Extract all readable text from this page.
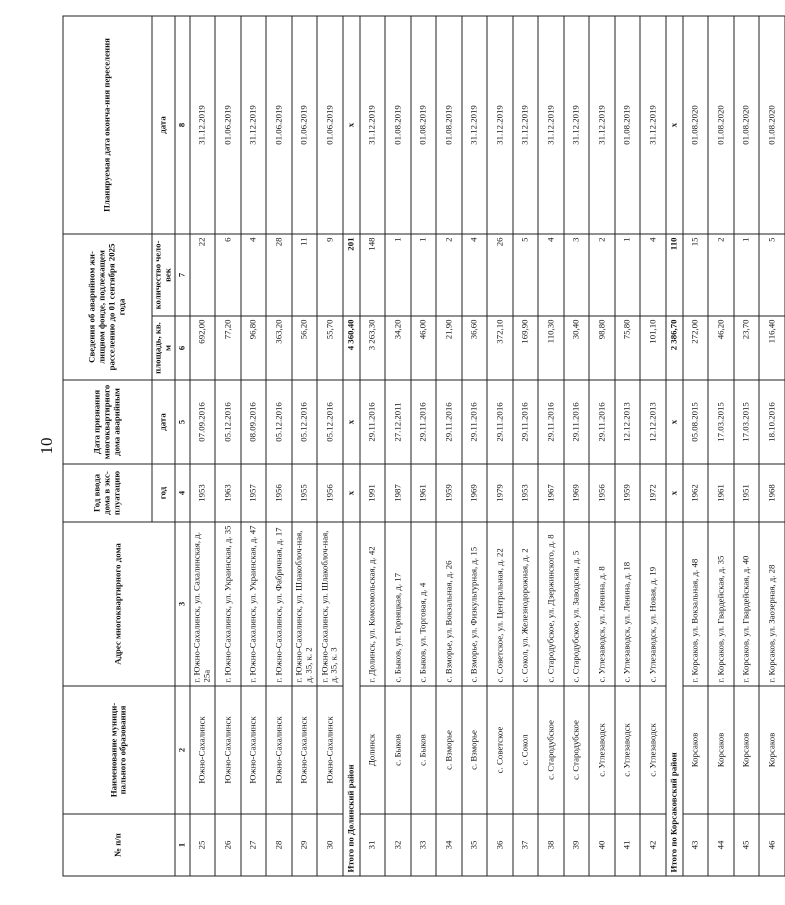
10
№ п/п	Наименование муници-пального образования	Адрес многоквартирного дома	Год ввода дома в экс-плуатацию	Дата признания многоквартирного дома аварийным	Сведения об аварийном жи-лищном фонде, подлежащем расселению до 01 сентября 2025 года		Планируемая дата оконча-ния переселения
			год	дата	площадь, кв. м	количество чело-век	дата
1	2	3	4	5	6	7	8
25	Южно-Сахалинск	г. Южно-Сахалинск, ул. Сахалинская, д. 25а	1953	07.09.2016	692,00	22	31.12.2019
26	Южно-Сахалинск	г. Южно-Сахалинск, ул. Украинская, д. 35	1963	05.12.2016	77,20	6	01.06.2019
27	Южно-Сахалинск	г. Южно-Сахалинск, ул. Украинская, д. 47	1957	08.09.2016	96,80	4	31.12.2019
28	Южно-Сахалинск	г. Южно-Сахалинск, ул. Фабричная, д. 17	1956	05.12.2016	363,20	28	01.06.2019
29	Южно-Сахалинск	г. Южно-Сахалинск, ул. Шлакоблоч-ная, д. 35, к. 2	1955	05.12.2016	56,20	11	01.06.2019
30	Южно-Сахалинск	г. Южно-Сахалинск, ул. Шлакоблоч-ная, д. 35, к. 3	1956	05.12.2016	55,70	9	01.06.2019
Итого по Долинский район			х	х	4 360,40	201	х
31	Долинск	г. Долинск, ул. Комсомольская, д. 42	1991	29.11.2016	3 263,30	148	31.12.2019
32	с. Быков	с. Быков, ул. Горняцкая, д. 17	1987	27.12.2011	34,20	1	01.08.2019
33	с. Быков	с. Быков, ул. Торговая, д. 4	1961	29.11.2016	46,00	1	01.08.2019
34	с. Взморье	с. Взморье, ул. Вокзальная, д. 26	1959	29.11.2016	21,90	2	01.08.2019
35	с. Взморье	с. Взморье, ул. Физкультурная, д. 15	1969	29.11.2016	36,60	4	31.12.2019
36	с. Советское	с. Советское, ул. Центральная, д. 22	1979	29.11.2016	372,10	26	31.12.2019
37	с. Сокол	с. Сокол, ул. Железнодорожная, д. 2	1953	29.11.2016	169,90	5	31.12.2019
38	с. Стародубское	с. Стародубское, ул. Дзержинского, д. 8	1967	29.11.2016	110,30	4	31.12.2019
39	с. Стародубское	с. Стародубское, ул. Заводская, д. 5	1969	29.11.2016	30,40	3	31.12.2019
40	с. Углезаводск	с. Углезаводск, ул. Ленина, д. 8	1956	29.11.2016	98,80	2	31.12.2019
41	с. Углезаводск	с. Углезаводск, ул. Ленина, д. 18	1959	12.12.2013	75,80	1	01.08.2019
42	с. Углезаводск	с. Углезаводск, ул. Новая, д. 19	1972	12.12.2013	101,10	4	31.12.2019
Итого по Корсаковский район			х	х	2 386,70	110	х
43	Корсаков	г. Корсаков, ул. Вокзальная, д. 48	1962	05.08.2015	272,00	15	01.08.2020
44	Корсаков	г. Корсаков, ул. Гвардейская, д. 35	1961	17.03.2015	46,20	2	01.08.2020
45	Корсаков	г. Корсаков, ул. Гвардейская, д. 40	1951	17.03.2015	23,70	1	01.08.2020
46	Корсаков	г. Корсаков, ул. Заозерная, д. 28	1968	18.10.2016	116,40	5	01.08.2020
